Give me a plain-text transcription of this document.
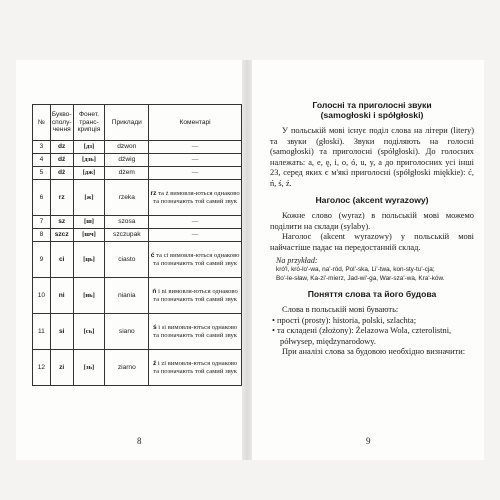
№	Букво-сполу-чення	Фонет. транс-крипція	Приклади	Коментарі
3	dz	[дз]	dzwon	—
4	dź	[дзь]	dźwig	—
5	dż	[дж]	dżem	—
6	rz	[ж]	rzeka	rz та ż вимовля-ються однаково та позначають той самий звук
7	sz	[ш]	szosa	—
8	szcz	[шч]	szczupak	—
9	ci	[ць]	ciasto	ć та ci вимовля-ються однаково та позначають той самий звук
10	ni	[нь]	niania	ń і ni вимовля-ються однаково та позначають той самий звук
11	si	[сь]	siano	ś і si вимовля-ються однаково та позначають той самий звук
12	zi	[зь]	ziarno	ź і zi вимовля-ються однаково та позначають той самий звук
8
Голосні та приголосні звуки
(samogłoski i spółgłoski)

У польській мові існує поділ слова на літери (litery) та звуки (głoski). Звуки поділяють на голосні (samogłoski) та приголосні (spółgłoski). До голосних належать: a, e, ę, i, o, ó, u, y, а до приголосних усі інші 23, серед яких є м'які приголосні (spółgłoski miękkie): ć, ń, ś, ź.

Наголос (akcent wyrazowy)

Кожне слово (wyraz) в польській мові можемо поділити на склади (sylaby).

Наголос (akcent wyrazowy) у польській мові найчастіше падає на передостанній склад.

Na przykład:
kró'l, kró-lo'-wa, na'-ród, Pol'-ska, Li'-twa, kon-sty-tu'-cja;
Bo'-le-sław, Ka-zi'-mierz, Jad-wi'-ga, War-sza'-wa, Kra'-ków.
Поняття слова та його будова

Слова в польській мові бувають:

• прості (prosty): historia, polski, szlachta;
• та складені (złożony): Żelazowa Wola, czterolistni, półwysep, międzynarodowy.

При аналізі слова за будовою необхідно визначити:

9
